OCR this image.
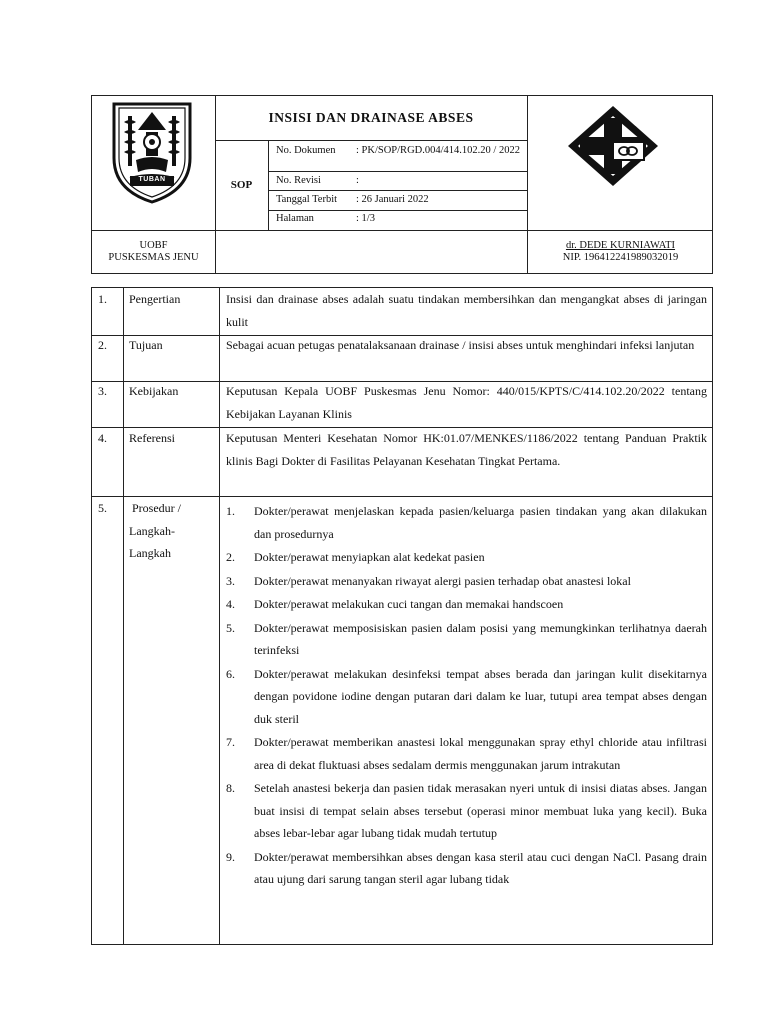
TUBAN
INSISI DAN DRAINASE ABSES
SOP
No. Dokumen : PK/SOP/RGD.004/414.102.20 / 2022
No. Revisi	:
Tanggal Terbit : 26 Januari 2022
Halaman	: 1/3
UOBF
PUSKESMAS JENU
dr. DEDE KURNIAWATI
NIP. 196412241989032019
1. Pengertian	Insisi dan drainase abses adalah suatu tindakan membersihkan dan mengangkat abses di jaringan kulit
2. Tujuan	Sebagai acuan petugas penatalaksanaan drainase / insisi abses untuk menghindari infeksi lanjutan
3. Kebijakan	Keputusan Kepala UOBF Puskesmas Jenu Nomor: 440/015/KPTS/C/414.102.20/2022 tentang Kebijakan Layanan Klinis
4. Referensi	Keputusan Menteri Kesehatan Nomor HK:01.07/MENKES/1186/2022 tentang Panduan Praktik klinis Bagi Dokter di Fasilitas Pelayanan Kesehatan Tingkat Pertama.
5. Prosedur /
Langkah-
Langkah
1. Dokter/perawat menjelaskan kepada pasien/keluarga pasien tindakan yang akan dilakukan dan prosedurnya
2. Dokter/perawat menyiapkan alat kedekat pasien
3. Dokter/perawat menanyakan riwayat alergi pasien terhadap obat anastesi lokal
4. Dokter/perawat melakukan cuci tangan dan memakai handscoen
5. Dokter/perawat memposisiskan pasien dalam posisi yang memungkinkan terlihatnya daerah terinfeksi
6. Dokter/perawat melakukan desinfeksi tempat abses berada dan jaringan kulit disekitarnya dengan povidone iodine dengan putaran dari dalam ke luar, tutupi area tempat abses dengan duk steril
7. Dokter/perawat memberikan anastesi lokal menggunakan spray ethyl chloride atau infiltrasi area di dekat fluktuasi abses sedalam dermis menggunakan jarum intrakutan
8. Setelah anastesi bekerja dan pasien tidak merasakan nyeri untuk di insisi diatas abses. Jangan buat insisi di tempat selain abses tersebut (operasi minor membuat luka yang kecil). Buka abses lebar-lebar agar lubang tidak mudah tertutup
9. Dokter/perawat membersihkan abses dengan kasa steril atau cuci dengan NaCl. Pasang drain atau ujung dari sarung tangan steril agar lubang tidak
